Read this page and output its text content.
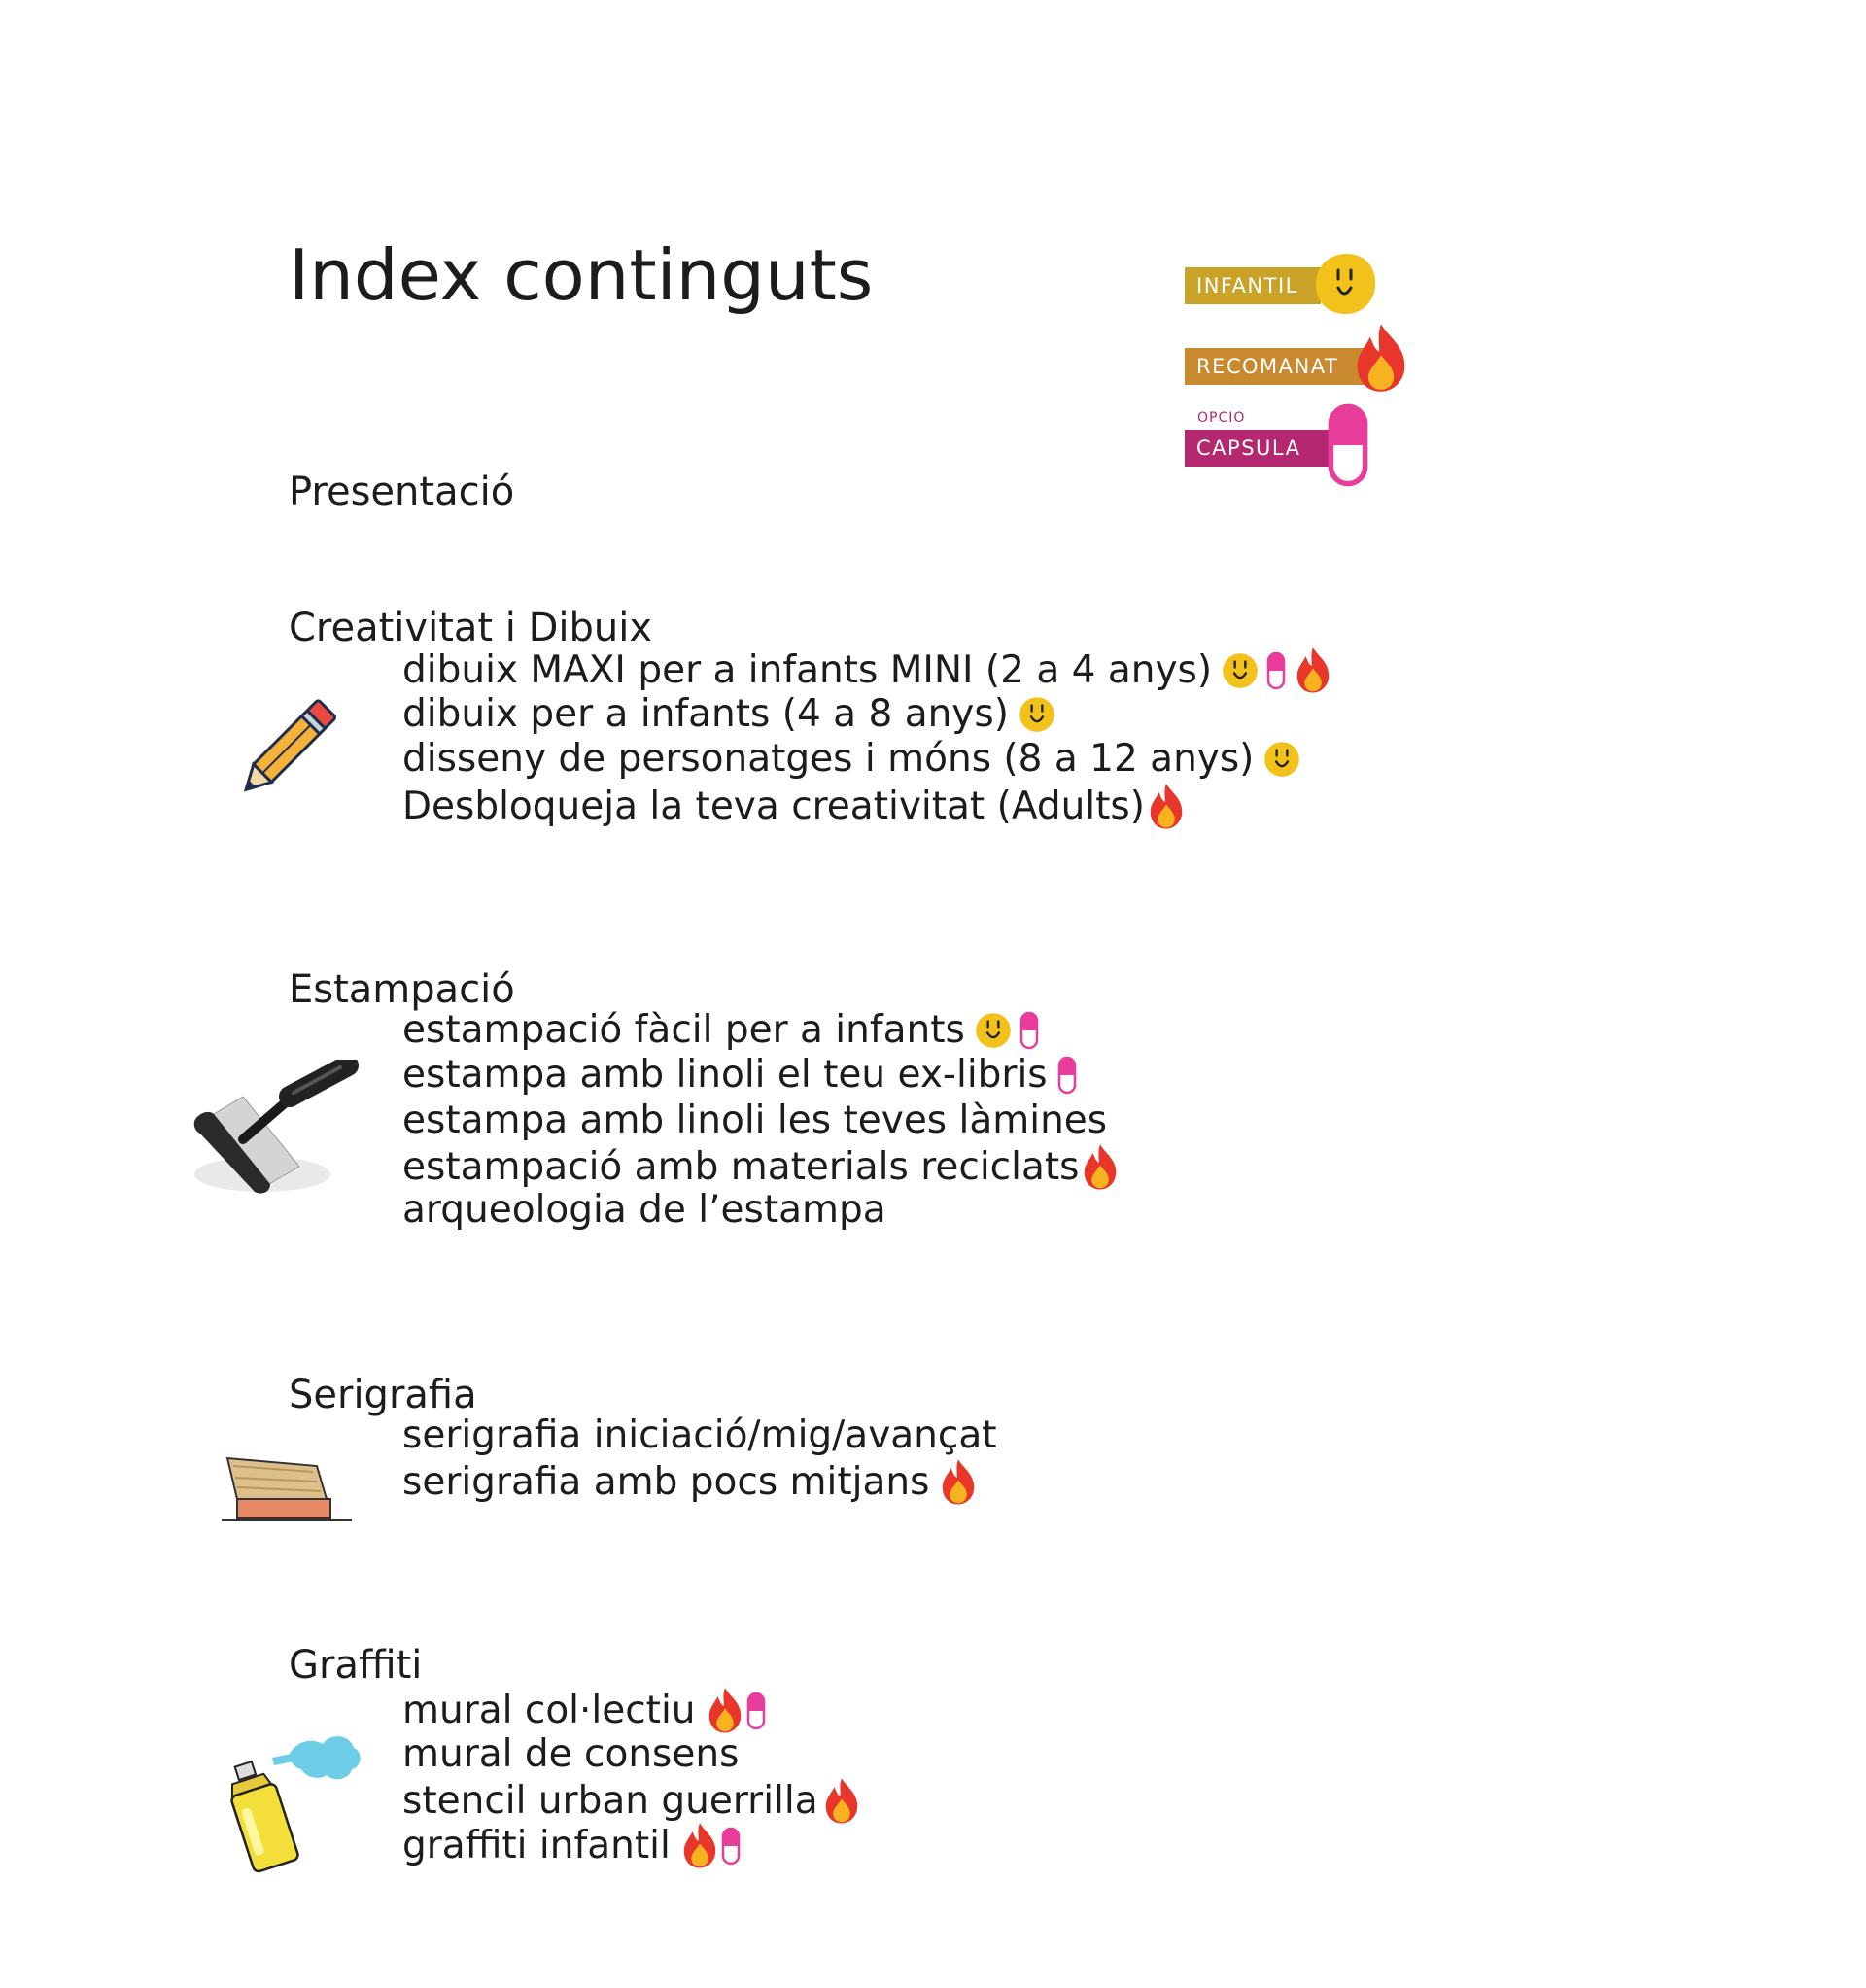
Index continguts	INFANTIL
RECOMANAT
OPCIO
CAPSULA
Presentació
Creativitat i Dibuix
dibuix MAXI per a infants MINI (2 a 4 anys)
dibuix per a infants (4 a 8 anys)
disseny de personatges i móns (8 a 12 anys)
Desbloqueja la teva creativitat (Adults)
Estampació
estampació fàcil per a infants
estampa amb linoli el teu ex-libris
estampa amb linoli les teves làmines
estampació amb materials reciclats
arqueologia de l’estampa
Serigrafia
serigrafia iniciació/mig/avançat
serigrafia amb pocs mitjans
Graffiti
mural col·lectiu
mural de consens
stencil urban guerrilla
graffiti infantil
